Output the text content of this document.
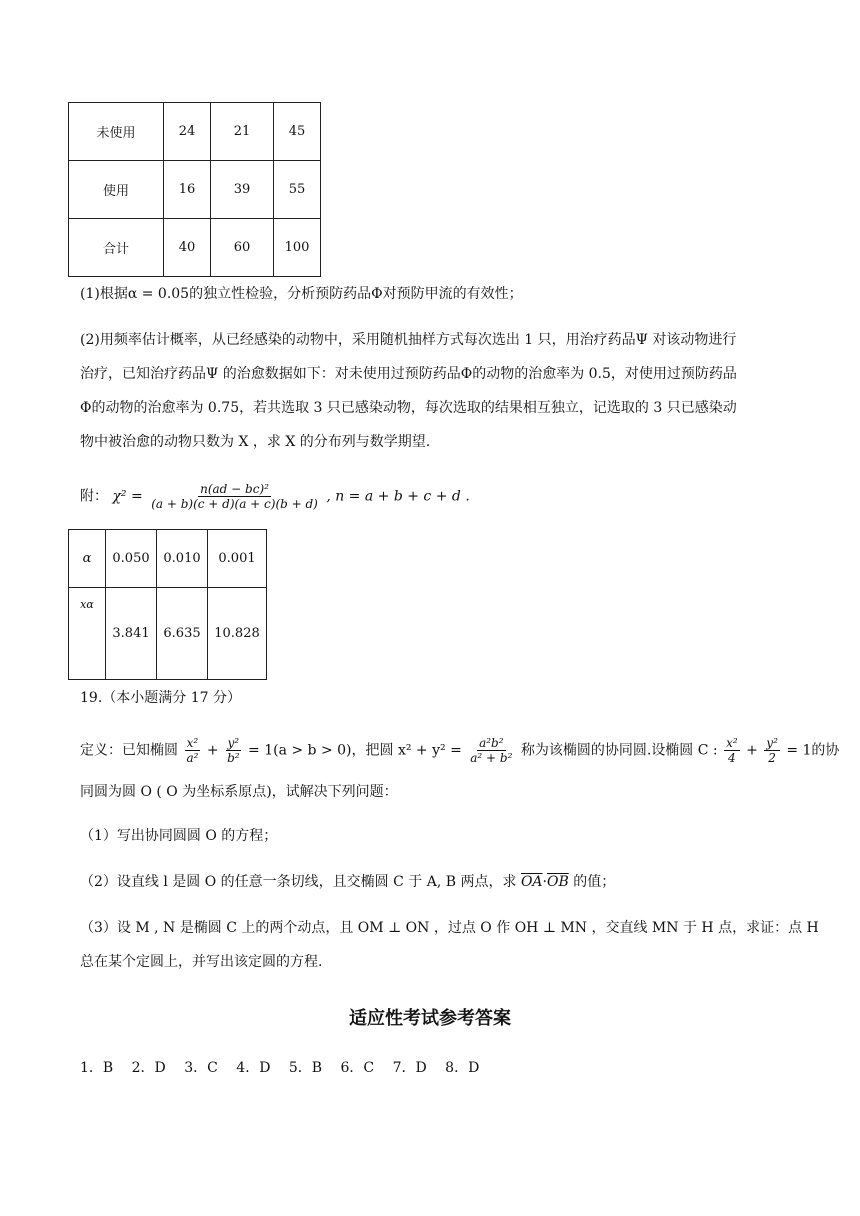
未使用	24	21	45
使用	16	39	55
合计	40	60	100
(1)根据α = 0.05的独立性检验，分析预防药品Φ对预防甲流的有效性；
(2)用频率估计概率，从已经感染的动物中，采用随机抽样方式每次选出 1 只，用治疗药品Ψ 对该动物进行
治疗，已知治疗药品Ψ 的治愈数据如下：对未使用过预防药品Φ的动物的治愈率为 0.5，对使用过预防药品
Φ的动物的治愈率为 0.75，若共选取 3 只已感染动物，每次选取的结果相互独立，记选取的 3 只已感染动
物中被治愈的动物只数为 X ，求 X 的分布列与数学期望.
附： $\chi^2 = \frac{\text{n(ad − bc)²}}{(a + b)(c + d)(a + c)(b + d)}$ , n = a + b + c + d .
α	0.050	0.010	0.001
xα	3.841	6.635	10.828
19.（本小题满分 17 分）
定义：已知椭圆 $\frac{\text{x²}}{\text{a²}} + \frac{\text{y²}}{\text{b²}} = 1(a > b > 0)$，把圆 $x^2 + y^2 = \frac{\text{a²b²}}{\text{a² + b²}}$ 称为该椭圆的协同圆.设椭圆 C : $\frac{\text{x²}}{4} + \frac{\text{y²}}{2} = 1$的协
同圆为圆 O ( O 为坐标系原点)，试解决下列问题：
（1）写出协同圆圆 O 的方程；
（2）设直线 l 是圆 O 的任意一条切线，且交椭圆 C 于 A, B 两点，求 $\overline{OA}\cdot\overline{OB}$ 的值；
（3）设 M , N 是椭圆 C 上的两个动点，且 OM ⊥ ON ，过点 O 作 OH ⊥ MN ，交直线 MN 于 H 点，求证：点 H
总在某个定圆上，并写出该定圆的方程.
适应性考试参考答案
1．B　 2．D　 3．C　 4．D　 5．B　 6．C　 7．D　 8．D
